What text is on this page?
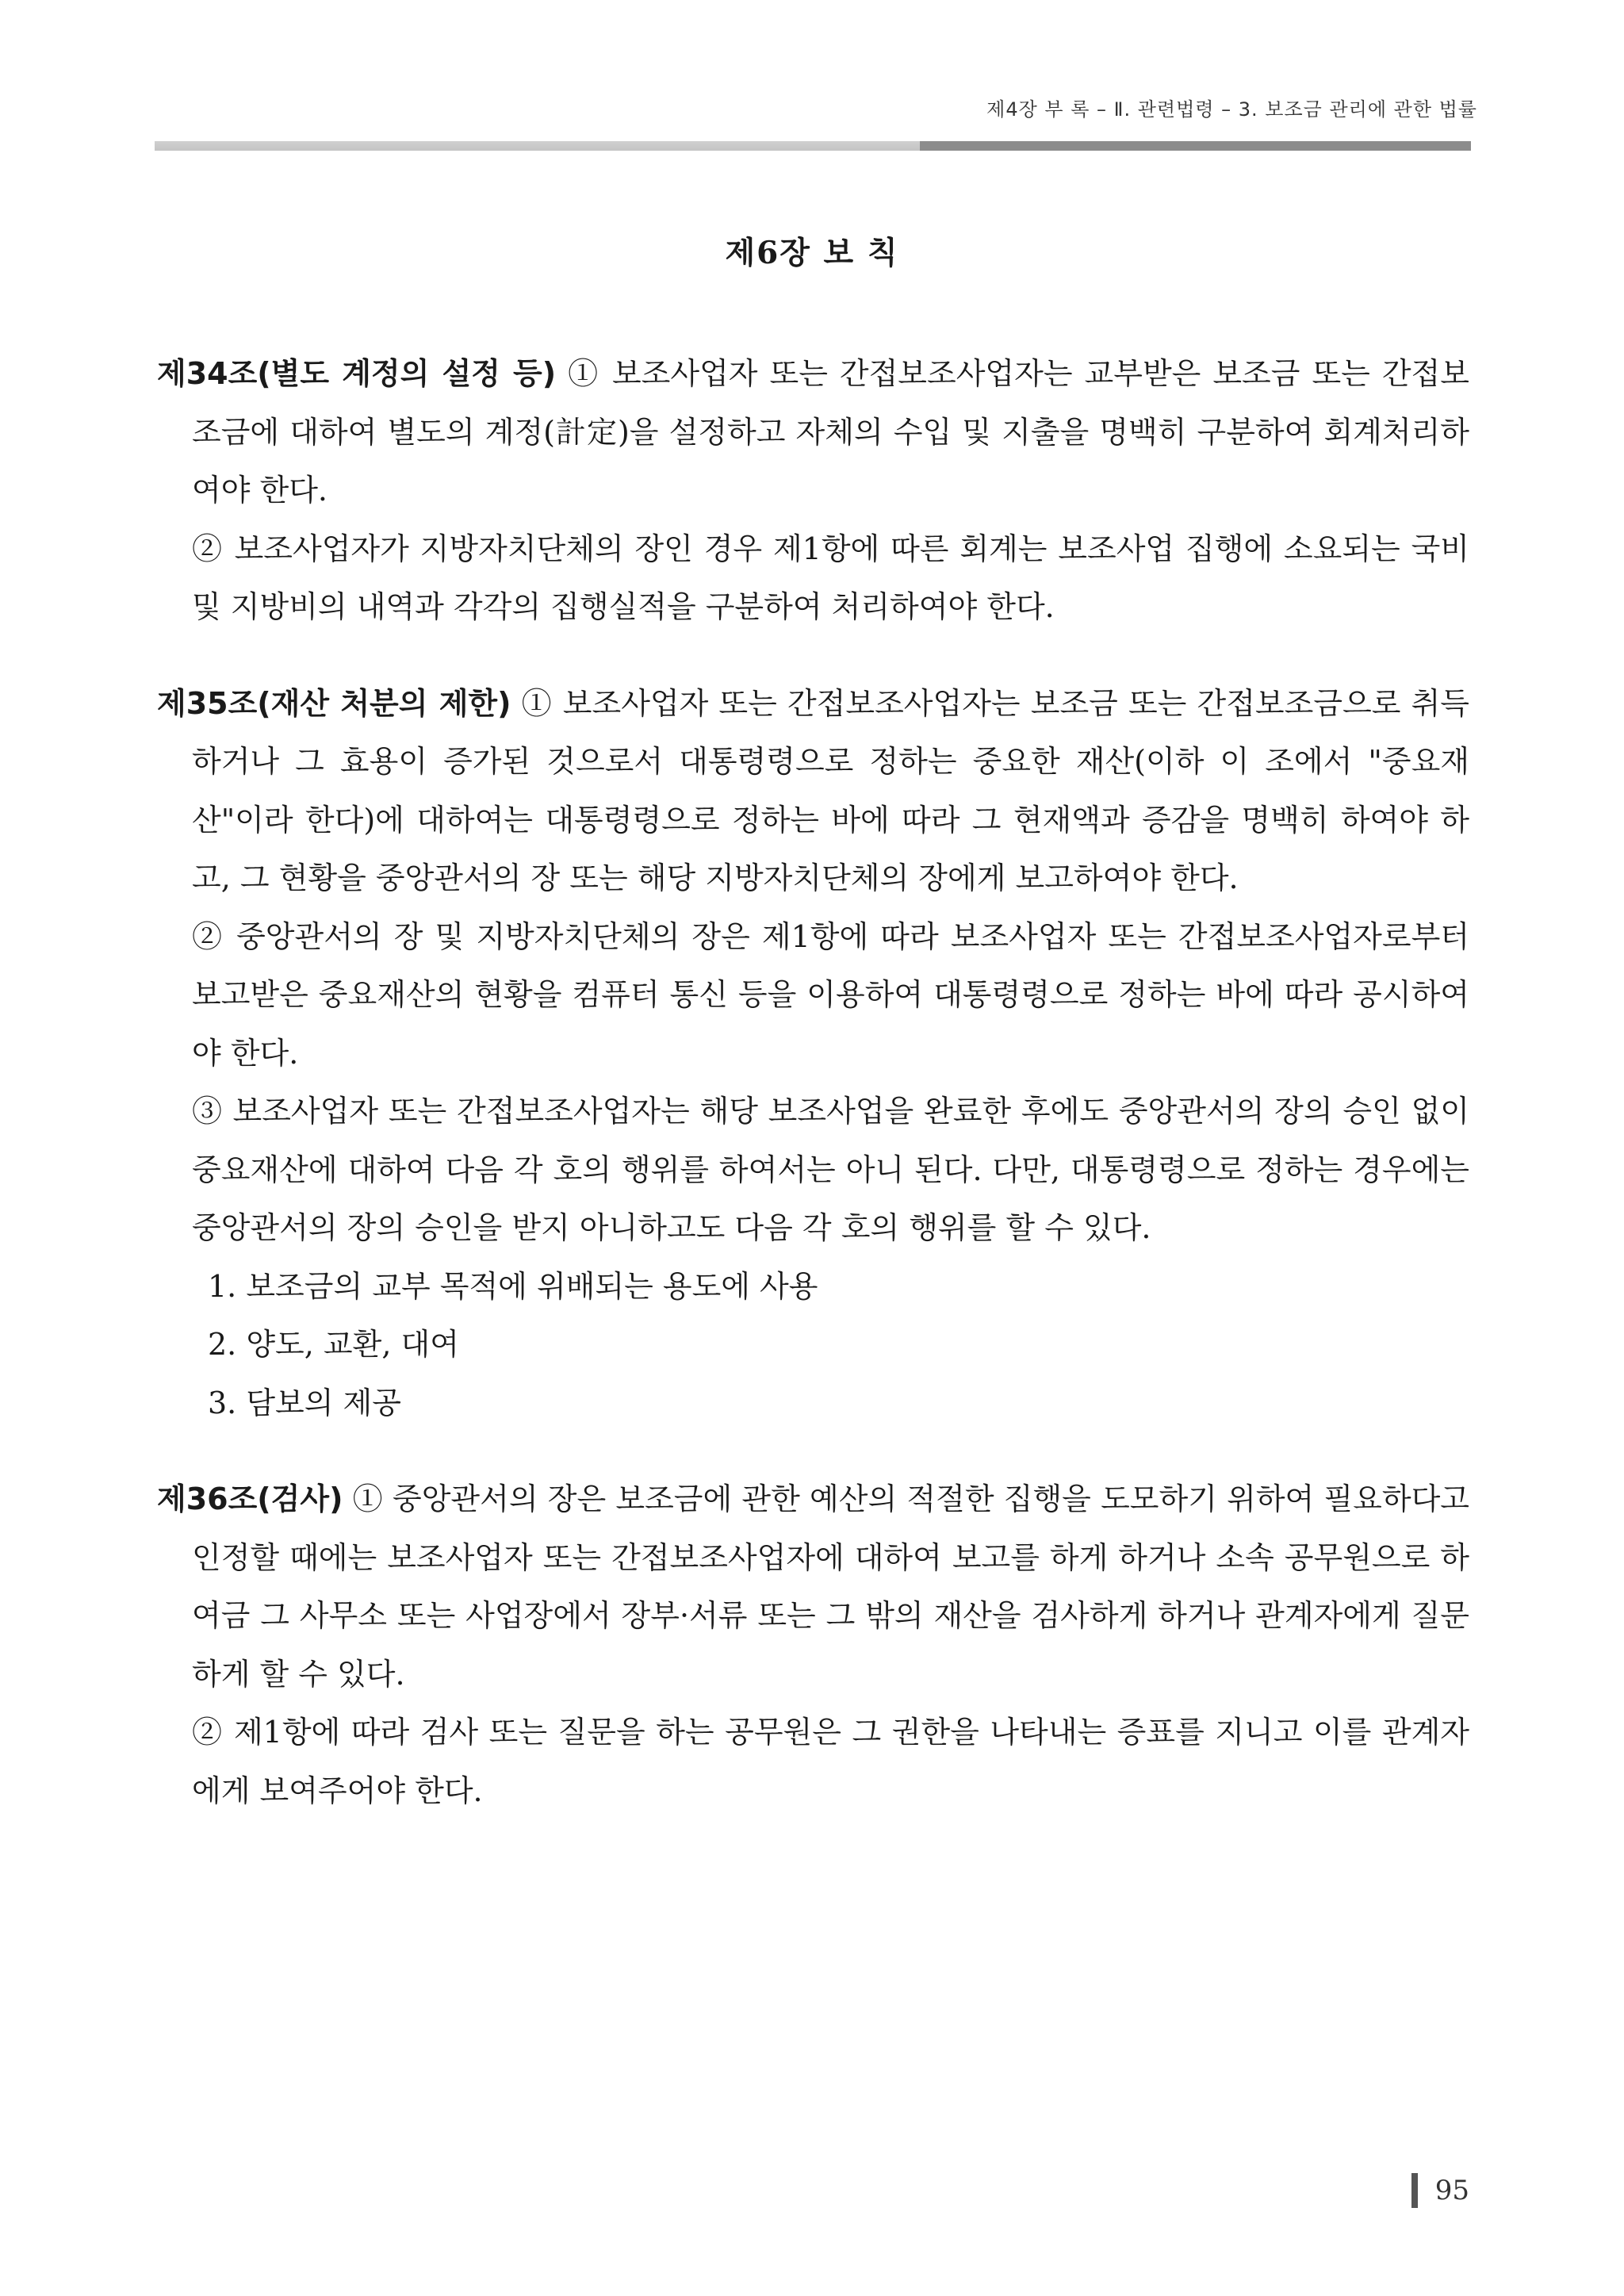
제4장 부 록 – Ⅱ. 관련법령 – 3. 보조금 관리에 관한 법률
제6장 보 칙
제34조(별도 계정의 설정 등) ① 보조사업자 또는 간접보조사업자는 교부받은 보조금 또는 간접보조금에 대하여 별도의 계정(計定)을 설정하고 자체의 수입 및 지출을 명백히 구분하여 회계처리하여야 한다.
② 보조사업자가 지방자치단체의 장인 경우 제1항에 따른 회계는 보조사업 집행에 소요되는 국비 및 지방비의 내역과 각각의 집행실적을 구분하여 처리하여야 한다.
제35조(재산 처분의 제한) ① 보조사업자 또는 간접보조사업자는 보조금 또는 간접보조금으로 취득하거나 그 효용이 증가된 것으로서 대통령령으로 정하는 중요한 재산(이하 이 조에서 "중요재산"이라 한다)에 대하여는 대통령령으로 정하는 바에 따라 그 현재액과 증감을 명백히 하여야 하고, 그 현황을 중앙관서의 장 또는 해당 지방자치단체의 장에게 보고하여야 한다.
② 중앙관서의 장 및 지방자치단체의 장은 제1항에 따라 보조사업자 또는 간접보조사업자로부터 보고받은 중요재산의 현황을 컴퓨터 통신 등을 이용하여 대통령령으로 정하는 바에 따라 공시하여야 한다.
③ 보조사업자 또는 간접보조사업자는 해당 보조사업을 완료한 후에도 중앙관서의 장의 승인 없이 중요재산에 대하여 다음 각 호의 행위를 하여서는 아니 된다. 다만, 대통령령으로 정하는 경우에는 중앙관서의 장의 승인을 받지 아니하고도 다음 각 호의 행위를 할 수 있다.
1. 보조금의 교부 목적에 위배되는 용도에 사용
2. 양도, 교환, 대여
3. 담보의 제공
제36조(검사) ① 중앙관서의 장은 보조금에 관한 예산의 적절한 집행을 도모하기 위하여 필요하다고 인정할 때에는 보조사업자 또는 간접보조사업자에 대하여 보고를 하게 하거나 소속 공무원으로 하여금 그 사무소 또는 사업장에서 장부·서류 또는 그 밖의 재산을 검사하게 하거나 관계자에게 질문하게 할 수 있다.
② 제1항에 따라 검사 또는 질문을 하는 공무원은 그 권한을 나타내는 증표를 지니고 이를 관계자에게 보여주어야 한다.
95
